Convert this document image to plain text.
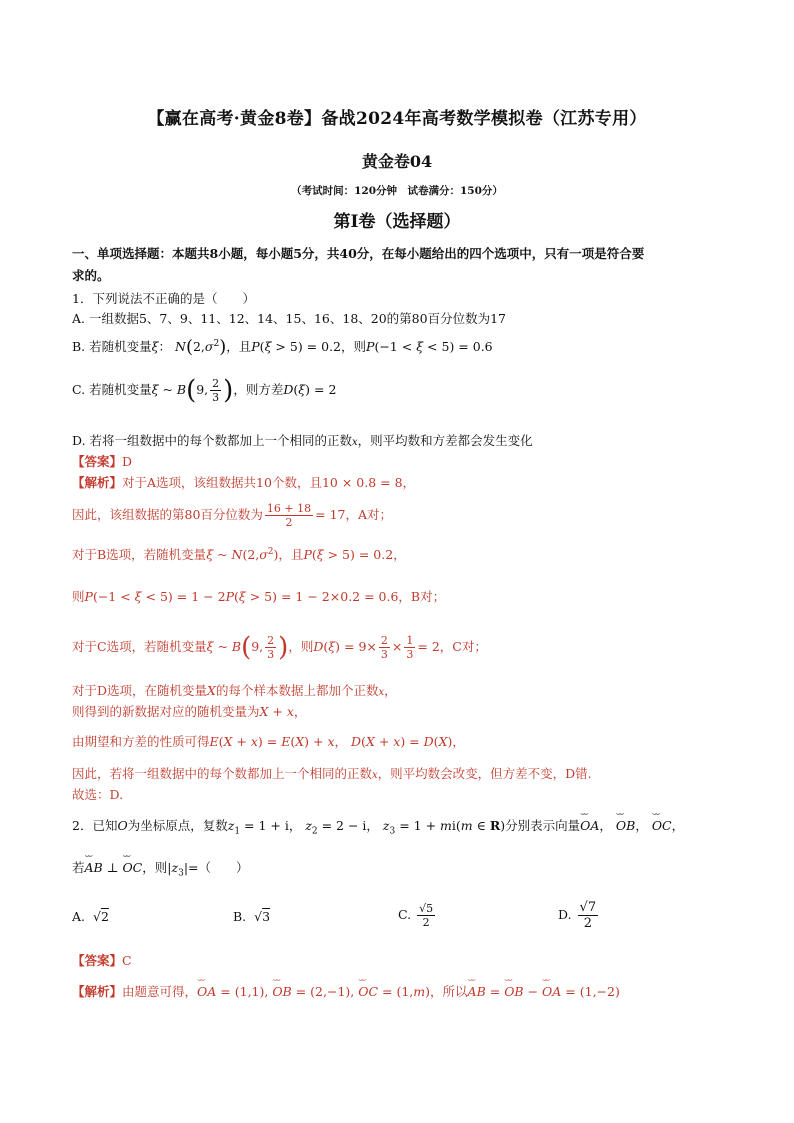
【赢在高考·黄金8卷】备战2024年高考数学模拟卷（江苏专用）
黄金卷04
（考试时间：120分钟　试卷满分：150分）
第I卷（选择题）
一、单项选择题：本题共8小题，每小题5分，共40分，在每小题给出的四个选项中，只有一项是符合要
求的。
1．下列说法不正确的是（　　）
A. 一组数据5、7、9、11、12、14、15、16、18、20的第80百分位数为17
B. 若随机变量ξ： $N(2,\sigma^2)$，且P(ξ > 5) = 0.2，则P(−1 < ξ < 5) = 0.6
C. 若随机变量ξ ~ B(9, $\frac{2}{3}$ )，则方差D(ξ) = 2
D. 若将一组数据中的每个数都加上一个相同的正数x，则平均数和方差都会发生变化
【答案】D
【解析】对于A选项，该组数据共10个数，且10 × 0.8 = 8，
因此，该组数据的第80百分位数为 $\frac{16 + 18}{2} = 17$，A对；
对于B选项，若随机变量ξ ~ $N(2,\sigma^2)$，且P(ξ > 5) = 0.2，
则P(−1 < ξ < 5) = 1 − 2P(ξ > 5) = 1 − 2×0.2 = 0.6，B对；
对于C选项，若随机变量ξ ~ B(9, $\frac{2}{3}$ )，则$D(\xi) = 9\times \frac{2}{3} \times \frac{1}{3} = 2$，C对；
对于D选项，在随机变量X的每个样本数据上都加个正数x，
则得到的新数据对应的随机变量为X + x，
由期望和方差的性质可得E(X + x) = E(X) + x， D(X + x) = D(X)，
因此，若将一组数据中的每个数都加上一个相同的正数x，则平均数会改变，但方差不变，D错.
故选：D.
2．已知O为坐标原点，复数$z_1 = 1 + i$， $z_2 = 2 - i$， $z_3 = 1 + mi(m$ ∈ R)分别表示向量⌣⌣ OA， ⌣⌣ OB， ⌣⌣ OC，
若⌣⌣ AB ⊥ ⌣⌣ OC，则$|z_3|=$（　　）
A.  √2	B.  √3	C. $\frac{√5}{2}$	D. $\frac{√7}{2}$
【答案】C
【解析】由题意可得，⌣⌣ OA = (1,1), ⌣⌣ OB = (2,−1), ⌣⌣ OC = (1,m)，所以⌣⌣ AB = ⌣⌣ OB − ⌣⌣ OA = (1,−2)
